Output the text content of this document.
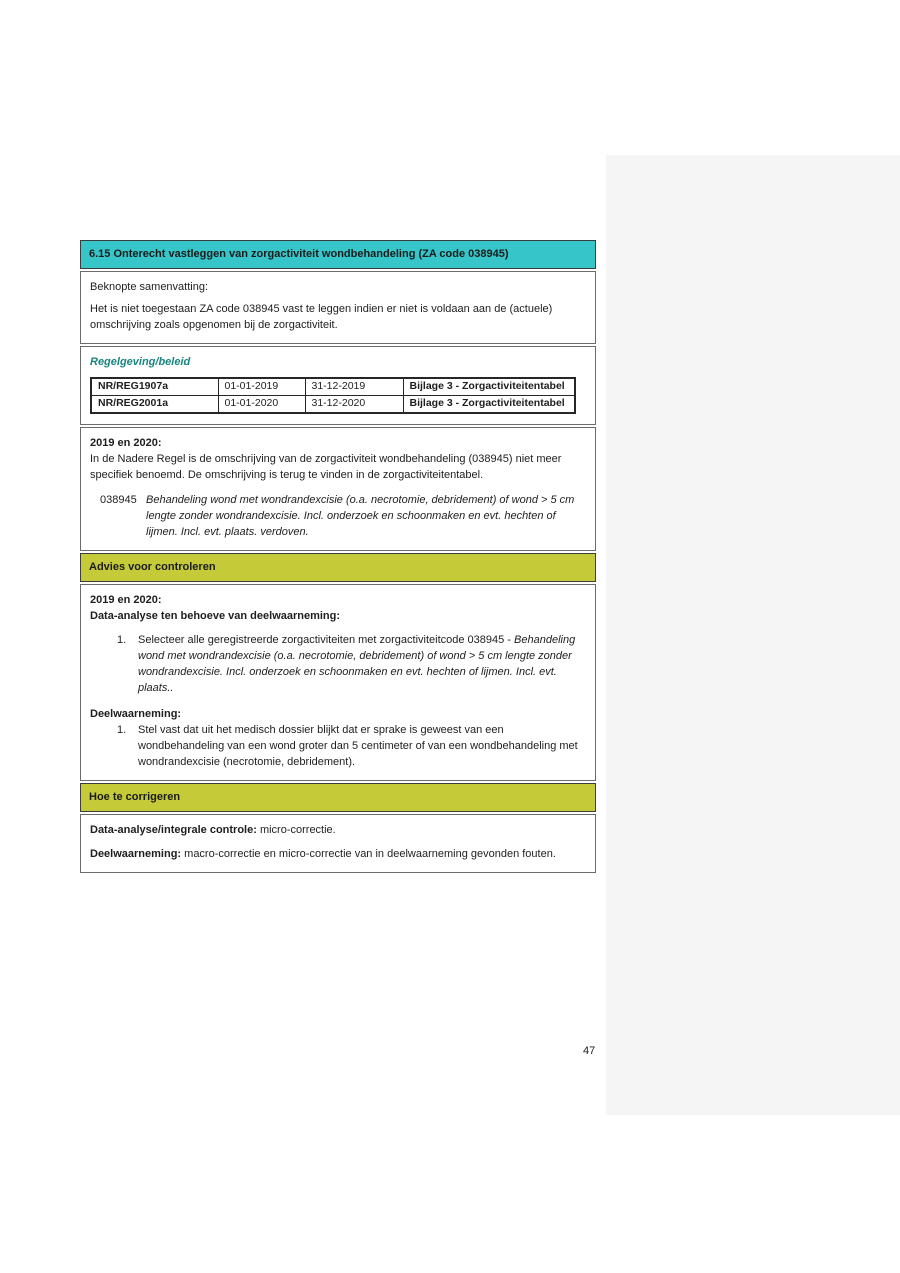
6.15 Onterecht vastleggen van zorgactiviteit wondbehandeling (ZA code 038945)
Beknopte samenvatting:
Het is niet toegestaan ZA code 038945 vast te leggen indien er niet is voldaan aan de (actuele) omschrijving zoals opgenomen bij de zorgactiviteit.
Regelgeving/beleid
NR/REG1907a	01-01-2019	31-12-2019	Bijlage 3 - Zorgactiviteitentabel
NR/REG2001a	01-01-2020	31-12-2020	Bijlage 3 - Zorgactiviteitentabel
2019 en 2020:
In de Nadere Regel is de omschrijving van de zorgactiviteit wondbehandeling (038945) niet meer specifiek benoemd. De omschrijving is terug te vinden in de zorgactiviteitentabel.
038945 Behandeling wond met wondrandexcisie (o.a. necrotomie, debridement) of wond > 5 cm lengte zonder wondrandexcisie. Incl. onderzoek en schoonmaken en evt. hechten of lijmen. Incl. evt. plaats. verdoven.
Advies voor controleren
2019 en 2020:
Data-analyse ten behoeve van deelwaarneming:
1.	Selecteer alle geregistreerde zorgactiviteiten met zorgactiviteitcode 038945 - Behandeling wond met wondrandexcisie (o.a. necrotomie, debridement) of wond > 5 cm lengte zonder wondrandexcisie. Incl. onderzoek en schoonmaken en evt. hechten of lijmen. Incl. evt. plaats..
Deelwaarneming:
1.	Stel vast dat uit het medisch dossier blijkt dat er sprake is geweest van een wondbehandeling van een wond groter dan 5 centimeter of van een wondbehandeling met wondrandexcisie (necrotomie, debridement).
Hoe te corrigeren
Data-analyse/integrale controle: micro-correctie.
Deelwaarneming: macro-correctie en micro-correctie van in deelwaarneming gevonden fouten.
47
